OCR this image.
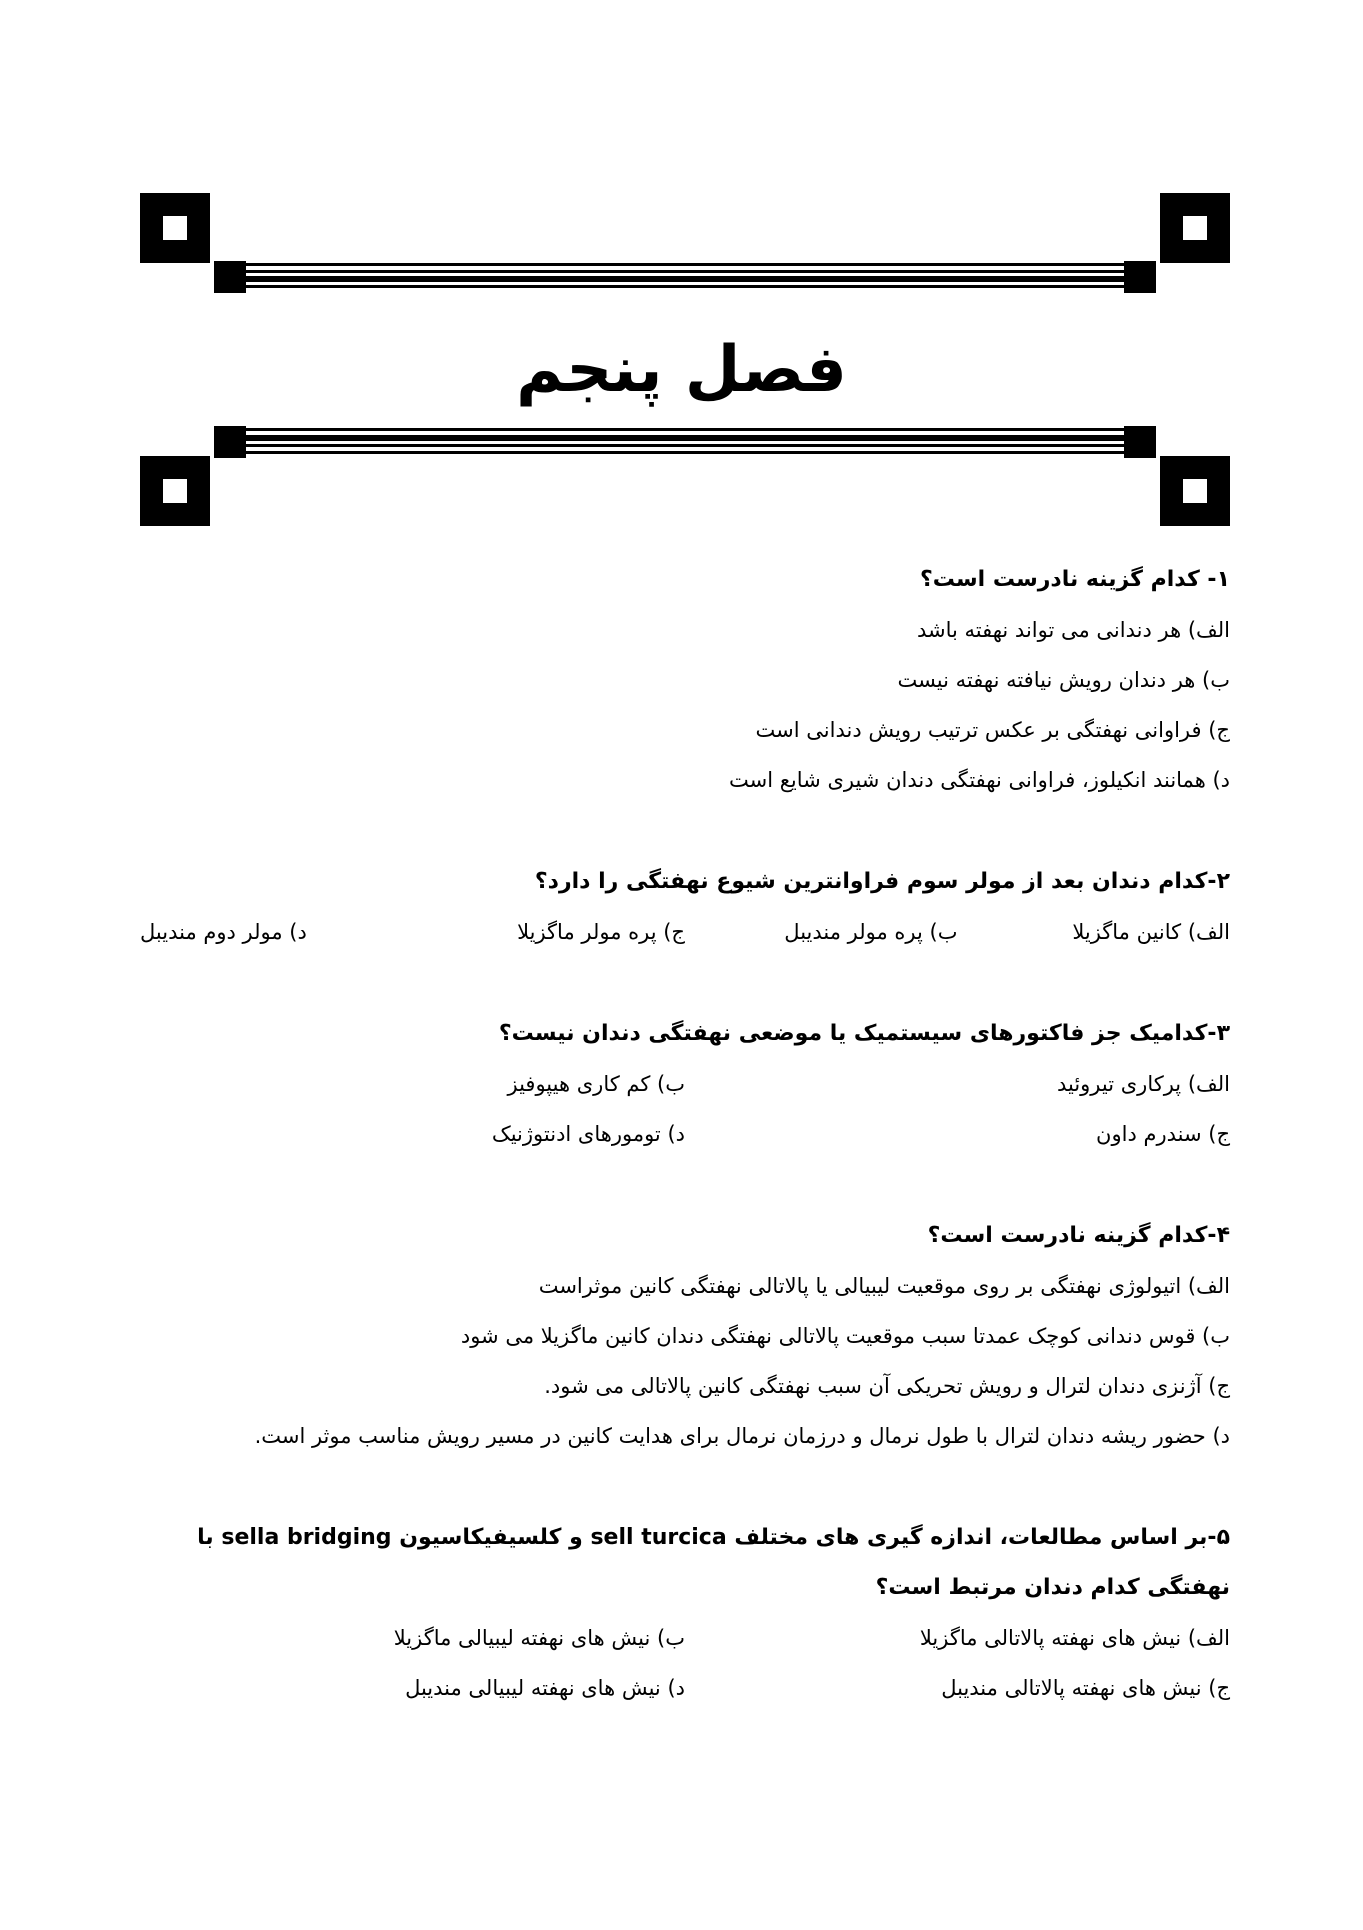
فصل پنجم
۱- کدام گزینه نادرست است؟
الف) هر دندانی می تواند نهفته باشد
ب) هر دندان رویش نیافته نهفته نیست
ج) فراوانی نهفتگی بر عکس ترتیب رویش دندانی است
د) همانند انکیلوز، فراوانی نهفتگی دندان شیری شایع است
۲-کدام دندان بعد از مولر سوم فراوانترین شیوع نهفتگی را دارد؟
الف) کانین ماگزیلا
ب) پره مولر مندیبل
ج) پره مولر ماگزیلا
د) مولر دوم مندیبل
۳-کدامیک جز فاکتورهای سیستمیک یا موضعی نهفتگی دندان نیست؟
الف) پرکاری تیروئید
ب) کم کاری هیپوفیز
ج) سندرم داون
د) تومورهای ادنتوژنیک
۴-کدام گزینه نادرست است؟
الف) اتیولوژی نهفتگی بر روی موقعیت لیبیالی یا پالاتالی نهفتگی کانین موثراست
ب) قوس دندانی کوچک عمدتا سبب موقعیت پالاتالی نهفتگی دندان کانین ماگزیلا می شود
ج) آژنزی دندان لترال و رویش تحریکی آن سبب نهفتگی کانین پالاتالی می شود.
د) حضور ریشه دندان لترال با طول نرمال و درزمان نرمال برای هدایت کانین در مسیر رویش مناسب موثر است.
۵-بر اساس مطالعات، اندازه گیری های مختلف sell turcica و کلسیفیکاسیون sella bridging با نهفتگی کدام دندان مرتبط است؟
الف) نیش های نهفته پالاتالی ماگزیلا
ب) نیش های نهفته لیبیالی ماگزیلا
ج) نیش های نهفته پالاتالی مندیبل
د) نیش های نهفته لیبیالی مندیبل
